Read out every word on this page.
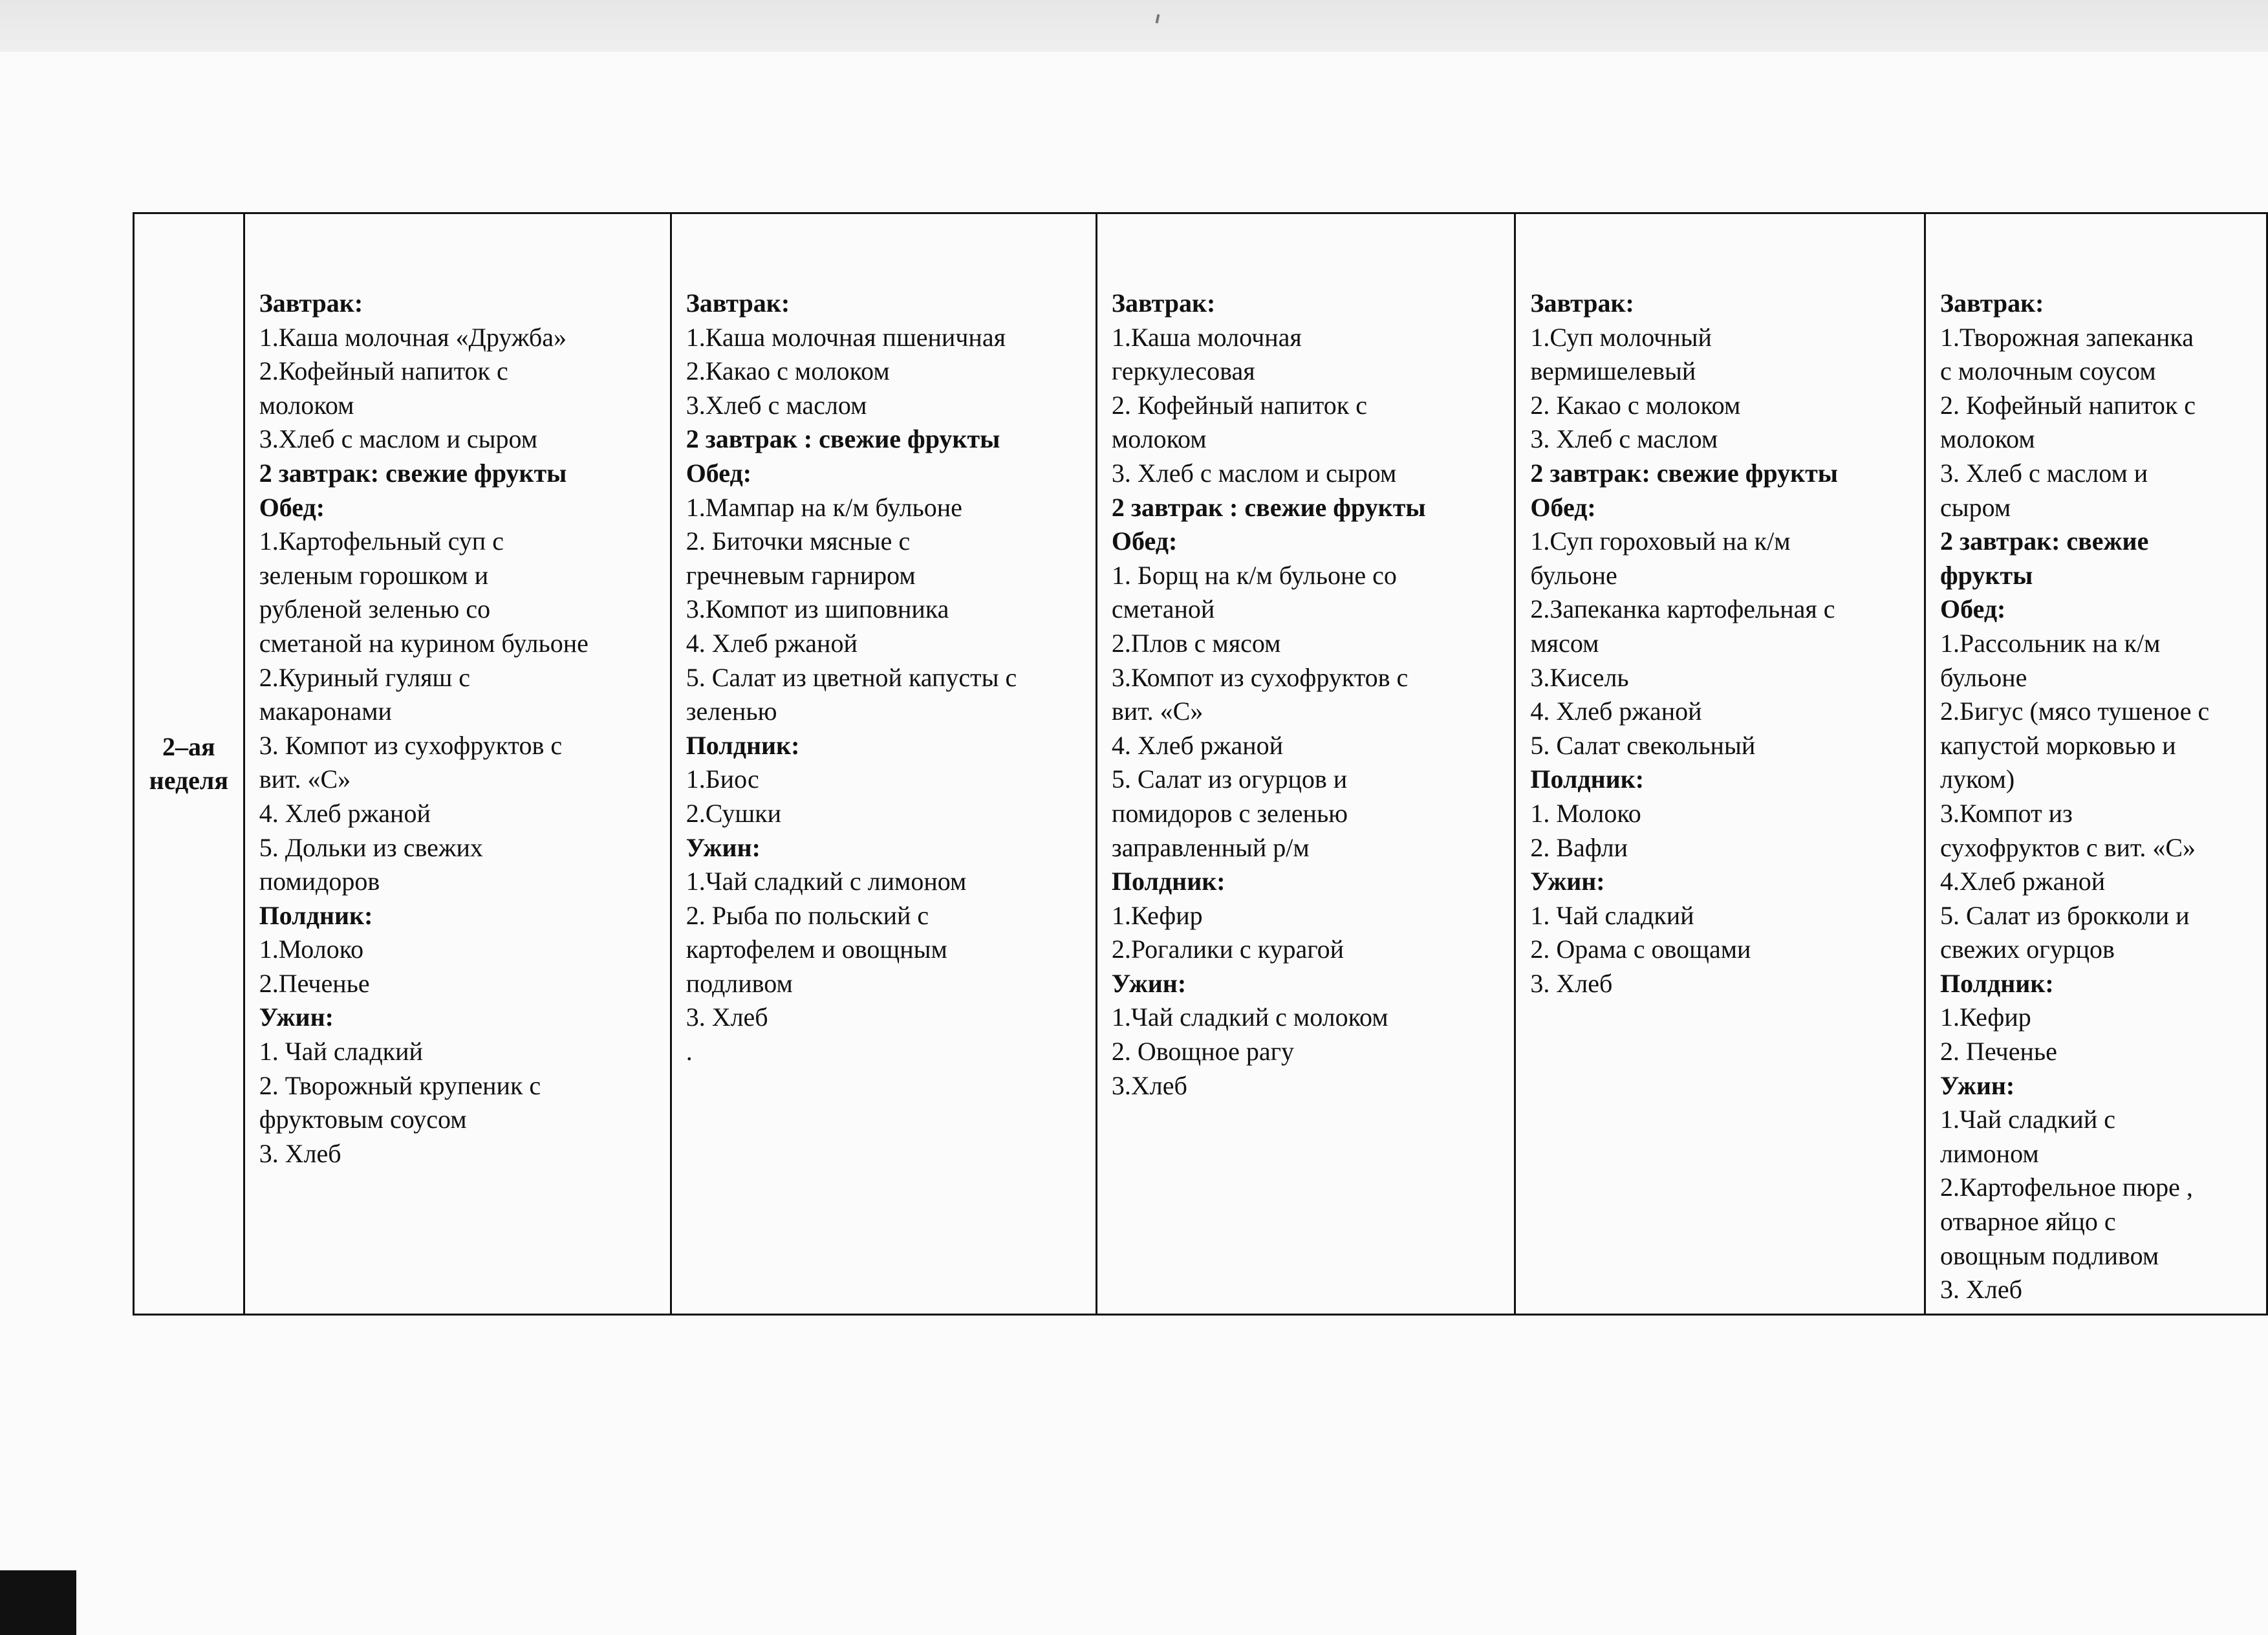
2–ая
неделя

Завтрак:
1.Каша молочная «Дружба»
2.Кофейный напиток с
молоком
3.Хлеб с маслом и сыром
2 завтрак: свежие фрукты
Обед:
1.Картофельный суп с
зеленым горошком и
рубленой зеленью со
сметаной на курином бульоне
2.Куриный гуляш с
макаронами
3. Компот из сухофруктов с
вит. «С»
4. Хлеб ржаной
5. Дольки из свежих
помидоров
Полдник:
1.Молоко
2.Печенье
Ужин:
1. Чай сладкий
2. Творожный крупеник с
фруктовым соусом
3. Хлеб

Завтрак:
1.Каша молочная пшеничная
2.Какао с молоком
3.Хлеб с маслом
2 завтрак : свежие фрукты
Обед:
1.Мампар на к/м бульоне
2. Биточки мясные с
гречневым гарниром
3.Компот из шиповника
4. Хлеб ржаной
5. Салат из цветной капусты с
зеленью
Полдник:
1.Биос
2.Сушки
Ужин:
1.Чай сладкий с лимоном
2. Рыба по польский с
картофелем и овощным
подливом
3. Хлеб
.

Завтрак:
1.Каша молочная
геркулесовая
2. Кофейный напиток с
молоком
3. Хлеб с маслом и сыром
2 завтрак : свежие фрукты
Обед:
1. Борщ на к/м бульоне со
сметаной
2.Плов с мясом
3.Компот из сухофруктов с
вит. «С»
4. Хлеб ржаной
5. Салат из огурцов и
помидоров с зеленью
заправленный р/м
Полдник:
1.Кефир
2.Рогалики с курагой
Ужин:
1.Чай сладкий с молоком
2. Овощное рагу
3.Хлеб

Завтрак:
1.Суп молочный
вермишелевый
2. Какао с молоком
3. Хлеб с маслом
2 завтрак: свежие фрукты
Обед:
1.Суп гороховый на к/м
бульоне
2.Запеканка картофельная с
мясом
3.Кисель
4. Хлеб ржаной
5. Салат свекольный
Полдник:
1. Молоко
2. Вафли
Ужин:
1. Чай сладкий
2. Орама с овощами
3. Хлеб

Завтрак:
1.Творожная запеканка
с молочным соусом
2. Кофейный напиток с
молоком
3. Хлеб с маслом и
сыром
2 завтрак: свежие
фрукты
Обед:
1.Рассольник на к/м
бульоне
2.Бигус (мясо тушеное с
капустой морковью и
луком)
3.Компот из
сухофруктов с вит. «С»
4.Хлеб ржаной
5. Салат из брокколи и
свежих огурцов
Полдник:
1.Кефир
2. Печенье
Ужин:
1.Чай сладкий с
лимоном
2.Картофельное пюре ,
отварное яйцо с
овощным подливом
3. Хлеб
